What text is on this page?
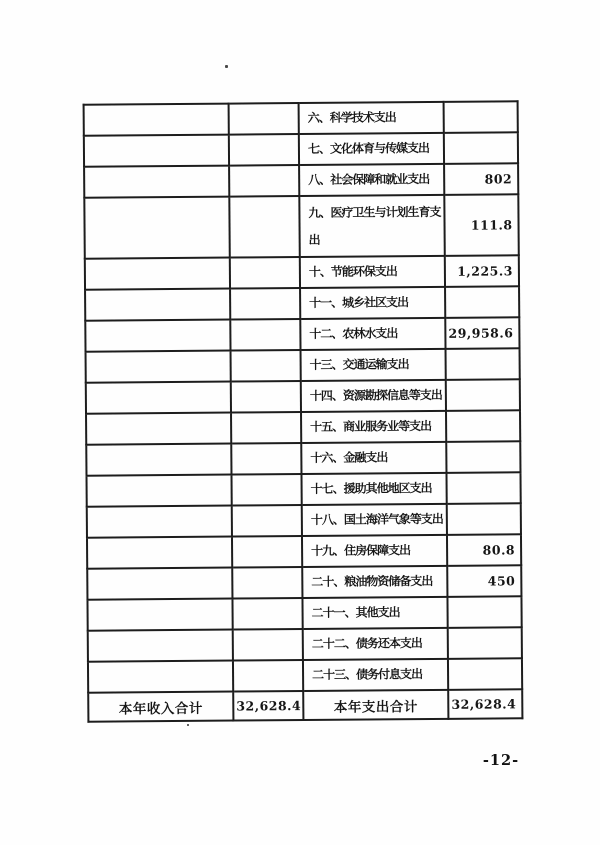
		六、科学技术支出	
		七、文化体育与传媒支出	
		八、社会保障和就业支出	802
		九、医疗卫生与计划生育支出	111.8
		十、节能环保支出	1,225.3
		十一、城乡社区支出	
		十二、农林水支出	29,958.6
		十三、交通运输支出	
		十四、资源勘探信息等支出	
		十五、商业服务业等支出	
		十六、金融支出	
		十七、援助其他地区支出	
		十八、国土海洋气象等支出	
		十九、住房保障支出	80.8
		二十、粮油物资储备支出	450
		二十一、其他支出	
		二十二、债务还本支出	
		二十三、债务付息支出	
本年收入合计	32,628.4	本年支出合计	32,628.4
-12-
